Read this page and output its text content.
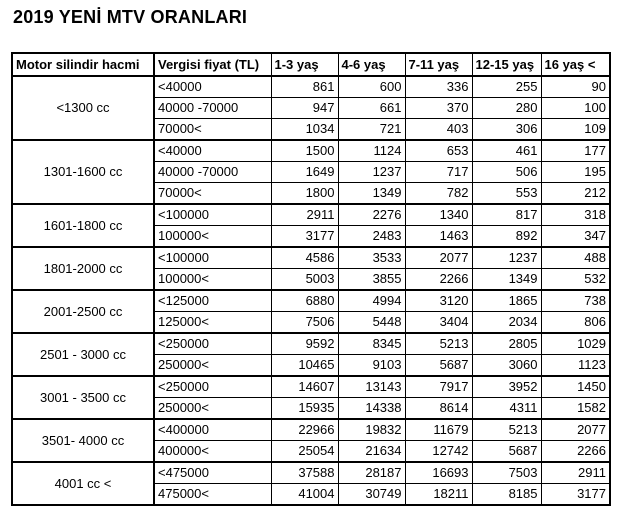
2019 YENİ MTV ORANLARI
Motor silindir hacmi	Vergisi fiyat (TL)	1-3 yaş	4-6 yaş	7-11 yaş	12-15 yaş	16 yaş <
<1300 cc	<40000	861	600	336	255	90
	40000 -70000	947	661	370	280	100
	70000<	1034	721	403	306	109
1301-1600 cc	<40000	1500	1124	653	461	177
	40000 -70000	1649	1237	717	506	195
	70000<	1800	1349	782	553	212
1601-1800 cc	<100000	2911	2276	1340	817	318
	100000<	3177	2483	1463	892	347
1801-2000 cc	<100000	4586	3533	2077	1237	488
	100000<	5003	3855	2266	1349	532
2001-2500 cc	<125000	6880	4994	3120	1865	738
	125000<	7506	5448	3404	2034	806
2501 - 3000 cc	<250000	9592	8345	5213	2805	1029
	250000<	10465	9103	5687	3060	1123
3001 - 3500 cc	<250000	14607	13143	7917	3952	1450
	250000<	15935	14338	8614	4311	1582
3501- 4000 cc	<400000	22966	19832	11679	5213	2077
	400000<	25054	21634	12742	5687	2266
4001 cc <	<475000	37588	28187	16693	7503	2911
	475000<	41004	30749	18211	8185	3177
